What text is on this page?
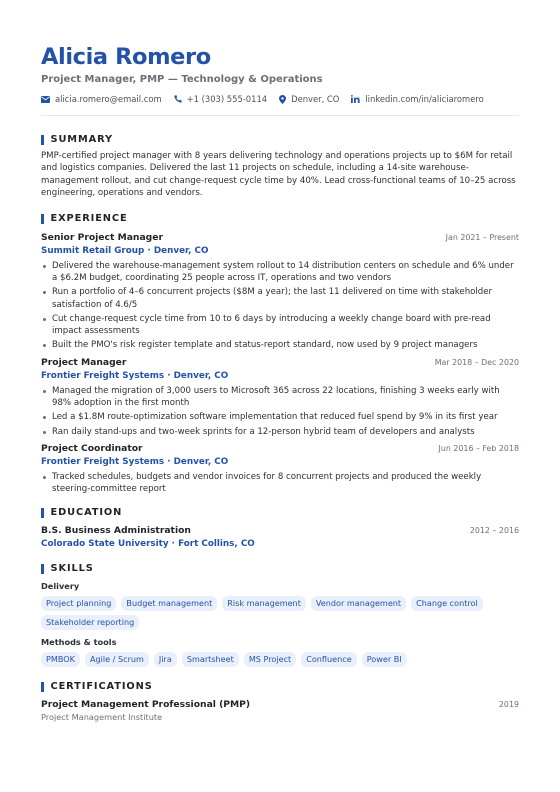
Alicia Romero
Project Manager, PMP — Technology & Operations
alicia.romero@email.com	+1 (303) 555-0114	Denver, CO	linkedin.com/in/aliciaromero
SUMMARY
PMP-certified project manager with 8 years delivering technology and operations projects up to $6M for retail and logistics companies. Delivered the last 11 projects on schedule, including a 14-site warehouse-management rollout, and cut change-request cycle time by 40%. Lead cross-functional teams of 10–25 across engineering, operations and vendors.
EXPERIENCE
Senior Project Manager	Jan 2021 – Present
Summit Retail Group · Denver, CO
Delivered the warehouse-management system rollout to 14 distribution centers on schedule and 6% under a $6.2M budget, coordinating 25 people across IT, operations and two vendors
Run a portfolio of 4–6 concurrent projects ($8M a year); the last 11 delivered on time with stakeholder satisfaction of 4.6/5
Cut change-request cycle time from 10 to 6 days by introducing a weekly change board with pre-read impact assessments
Built the PMO's risk register template and status-report standard, now used by 9 project managers
Project Manager	Mar 2018 – Dec 2020
Frontier Freight Systems · Denver, CO
Managed the migration of 3,000 users to Microsoft 365 across 22 locations, finishing 3 weeks early with 98% adoption in the first month
Led a $1.8M route-optimization software implementation that reduced fuel spend by 9% in its first year
Ran daily stand-ups and two-week sprints for a 12-person hybrid team of developers and analysts
Project Coordinator	Jun 2016 – Feb 2018
Frontier Freight Systems · Denver, CO
Tracked schedules, budgets and vendor invoices for 8 concurrent projects and produced the weekly steering-committee report
EDUCATION
B.S. Business Administration	2012 – 2016
Colorado State University · Fort Collins, CO
SKILLS
Delivery
Project planning	Budget management	Risk management	Vendor management	Change control
Stakeholder reporting
Methods & tools
PMBOK	Agile / Scrum	Jira	Smartsheet	MS Project	Confluence	Power BI
CERTIFICATIONS
Project Management Professional (PMP)	2019
Project Management Institute
